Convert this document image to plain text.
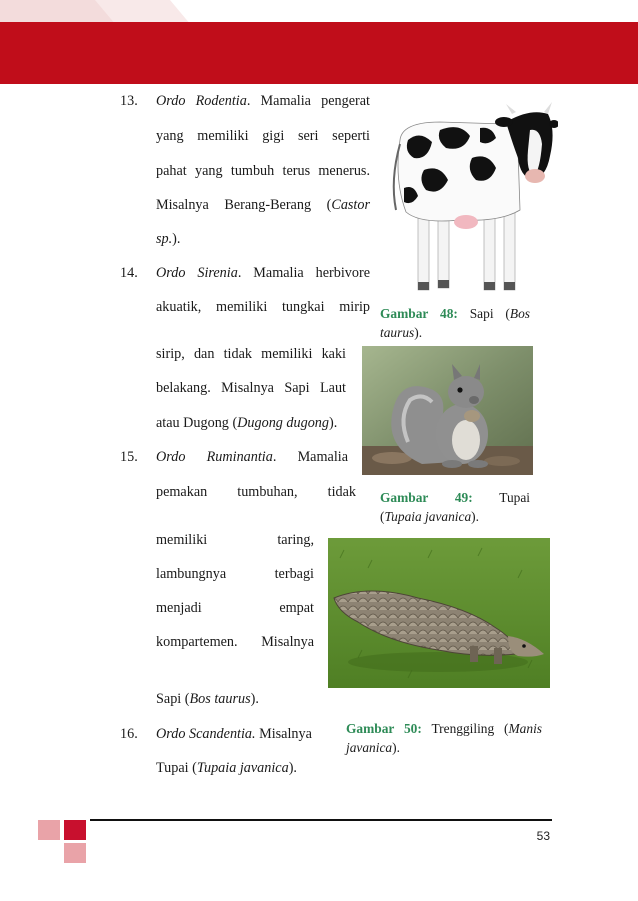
13. Ordo Rodentia. Mamalia pengerat
yang memiliki gigi seri seperti
pahat yang tumbuh terus menerus.
Misalnya Berang-Berang (Castor
sp.).
14. Ordo Sirenia. Mamalia herbivore
akuatik, memiliki tungkai mirip
sirip, dan tidak memiliki kaki
belakang. Misalnya Sapi Laut
atau Dugong (Dugong dugong).
15. Ordo Ruminantia. Mamalia
pemakan tumbuhan, tidak
memiliki taring,
lambungnya terbagi
menjadi empat
kompartemen. Misalnya
Sapi (Bos taurus).
16. Ordo Scandentia. Misalnya
Tupai (Tupaia javanica).
Gambar 48: Sapi (Bos
taurus).
Gambar 49: Tupai
(Tupaia javanica).
Gambar 50: Trenggiling (Manis
javanica).
53
